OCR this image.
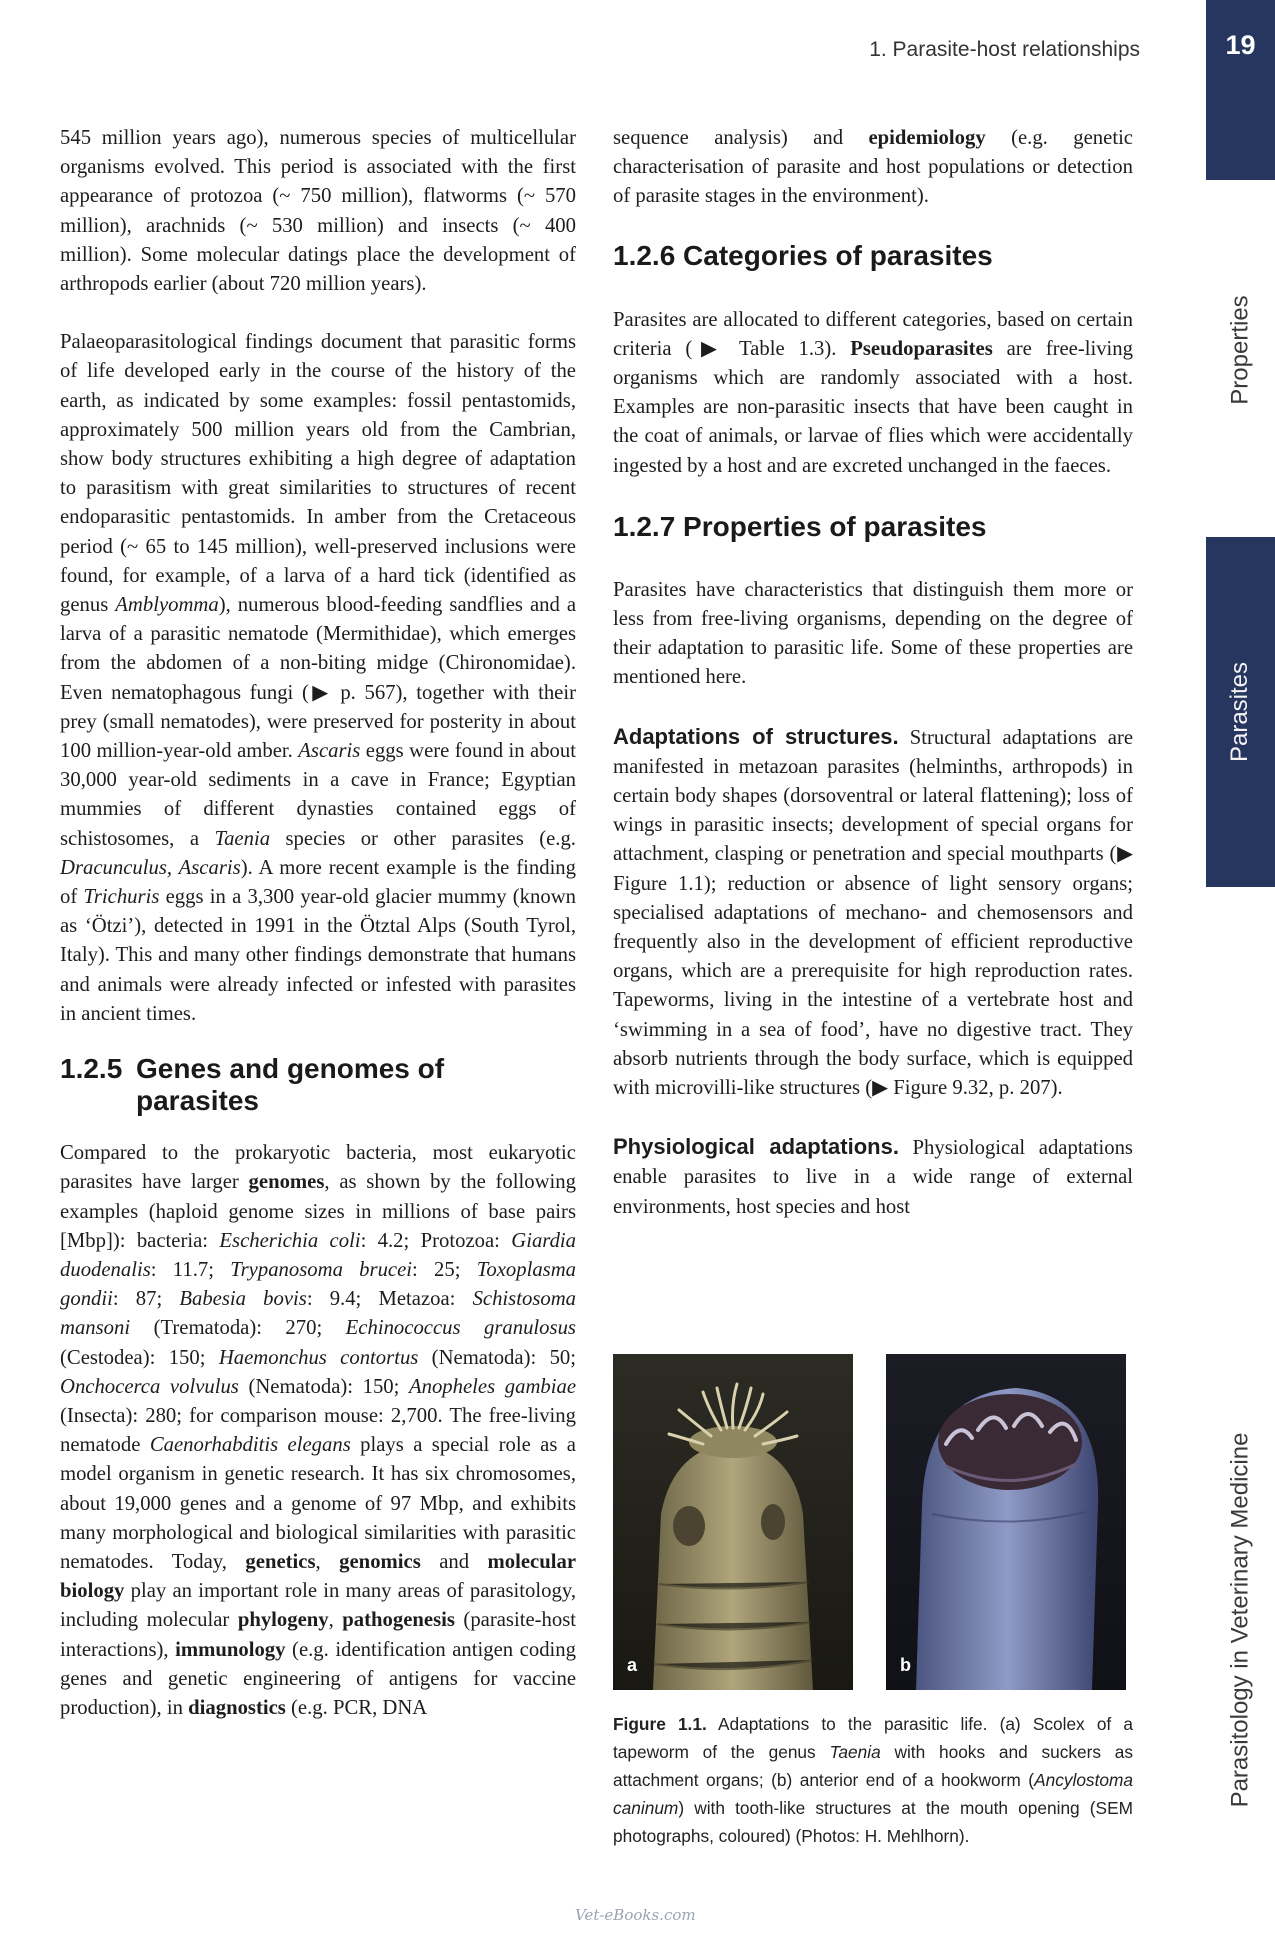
1. Parasite-host relationships	19
Properties
Parasites
Parasitology in Veterinary Medicine

545 million years ago), numerous species of multicellular organisms evolved. This period is associated with the first appearance of protozoa (~ 750 million), flatworms (~ 570 million), arachnids (~ 530 million) and insects (~ 400 million). Some molecular datings place the development of arthropods earlier (about 720 million years).

Palaeoparasitological findings document that parasitic forms of life developed early in the course of the history of the earth, as indicated by some examples: fossil pentastomids, approximately 500 million years old from the Cambrian, show body structures exhibiting a high degree of adaptation to parasitism with great similarities to structures of recent endoparasitic pentastomids. In amber from the Cretaceous period (~ 65 to 145 million), well-preserved inclusions were found, for example, of a larva of a hard tick (identified as genus Amblyomma), numerous blood-feeding sandflies and a larva of a parasitic nematode (Mermithidae), which emerges from the abdomen of a non-biting midge (Chironomidae). Even nematophagous fungi (▶ p. 567), together with their prey (small nematodes), were preserved for posterity in about 100 million-year-old amber. Ascaris eggs were found in about 30,000 year-old sediments in a cave in France; Egyptian mummies of different dynasties contained eggs of schistosomes, a Taenia species or other parasites (e.g. Dracunculus, Ascaris). A more recent example is the finding of Trichuris eggs in a 3,300 year-old glacier mummy (known as ‘Ötzi’), detected in 1991 in the Ötztal Alps (South Tyrol, Italy). This and many other findings demonstrate that humans and animals were already infected or infested with parasites in ancient times.

1.2.5 Genes and genomes of
parasites

Compared to the prokaryotic bacteria, most eukaryotic parasites have larger genomes, as shown by the following examples (haploid genome sizes in millions of base pairs [Mbp]): bacteria: Escherichia coli: 4.2; Protozoa: Giardia duodenalis: 11.7; Trypanosoma brucei: 25; Toxoplasma gondii: 87; Babesia bovis: 9.4; Metazoa: Schistosoma mansoni (Trematoda): 270; Echinococcus granulosus (Cestodea): 150; Haemonchus contortus (Nematoda): 50; Onchocerca volvulus (Nematoda): 150; Anopheles gambiae (Insecta): 280; for comparison mouse: 2,700. The free-living nematode Caenorhabditis elegans plays a special role as a model organism in genetic research. It has six chromosomes, about 19,000 genes and a genome of 97 Mbp, and exhibits many morphological and biological similarities with parasitic nematodes. Today, genetics, genomics and molecular biology play an important role in many areas of parasitology, including molecular phylogeny, pathogenesis (parasite-host interactions), immunology (e.g. identification antigen coding genes and genetic engineering of antigens for vaccine production), in diagnostics (e.g. PCR, DNA

sequence analysis) and epidemiology (e.g. genetic characterisation of parasite and host populations or detection of parasite stages in the environment).

1.2.6 Categories of parasites

Parasites are allocated to different categories, based on certain criteria (▶ Table 1.3). Pseudoparasites are free-living organisms which are randomly associated with a host. Examples are non-parasitic insects that have been caught in the coat of animals, or larvae of flies which were accidentally ingested by a host and are excreted unchanged in the faeces.

1.2.7 Properties of parasites

Parasites have characteristics that distinguish them more or less from free-living organisms, depending on the degree of their adaptation to parasitic life. Some of these properties are mentioned here.

Adaptations of structures. Structural adaptations are manifested in metazoan parasites (helminths, arthropods) in certain body shapes (dorsoventral or lateral flattening); loss of wings in parasitic insects; development of special organs for attachment, clasping or penetration and special mouthparts (▶ Figure 1.1); reduction or absence of light sensory organs; specialised adaptations of mechano- and chemosensors and frequently also in the development of efficient reproductive organs, which are a prerequisite for high reproduction rates. Tapeworms, living in the intestine of a vertebrate host and ‘swimming in a sea of food’, have no digestive tract. They absorb nutrients through the body surface, which is equipped with microvilli-like structures (▶ Figure 9.32, p. 207).

Physiological adaptations. Physiological adaptations enable parasites to live in a wide range of external environments, host species and host

a	b
Figure 1.1. Adaptations to the parasitic life. (a) Scolex of a tapeworm of the genus Taenia with hooks and suckers as attachment organs; (b) anterior end of a hookworm (Ancylostoma caninum) with tooth-like structures at the mouth opening (SEM photographs, coloured) (Photos: H. Mehlhorn).
Vet-eBooks.com
